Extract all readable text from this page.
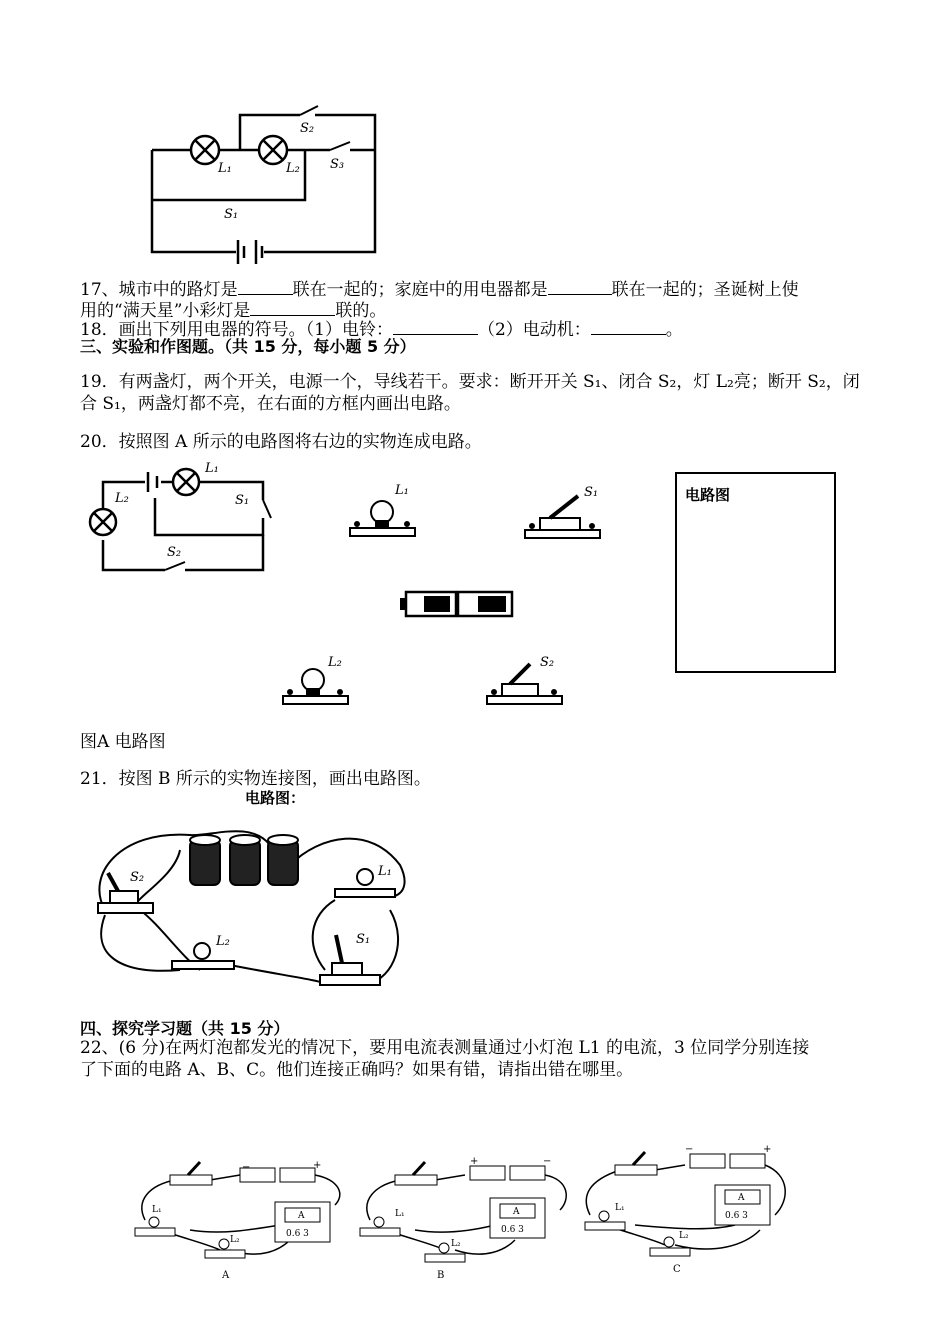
L₁	L₂
S₂
S₃
S₁
17、城市中的路灯是	联在一起的；家庭中的用电器都是	联在一起的；圣诞树上使
用的“满天星”小彩灯是	联的。
18．画出下列用电器的符号。（1）电铃：	（2）电动机：	。
三、实验和作图题。（共 15 分，每小题 5 分）
19．有两盏灯，两个开关，电源一个，导线若干。要求：断开开关 S₁、闭合 S₂，灯 L₂亮；断开 S₂，闭
合 S₁，两盏灯都不亮，在右面的方框内画出电路。
20．按照图 A 所示的电路图将右边的实物连成电路。
L₁
L₂	S₁
S₂
L₁	S₁
L₂	S₂
电路图
图A 电路图
21．按图 B 所示的实物连接图，画出电路图。
电路图：
S₂	L₁
L₂	S₁
四、探究学习题（共 15 分）
22、(6 分)在两灯泡都发光的情况下，要用电流表测量通过小灯泡 L1 的电流，3 位同学分别连接
了下面的电路 A、B、C。他们连接正确吗？如果有错，请指出错在哪里。
−	+
A
0.6 3
L₁
L₂
A
+	−
A
0.6 3
L₁
L₂
B
−	+
A
0.6 3
L₁
L₂
C
